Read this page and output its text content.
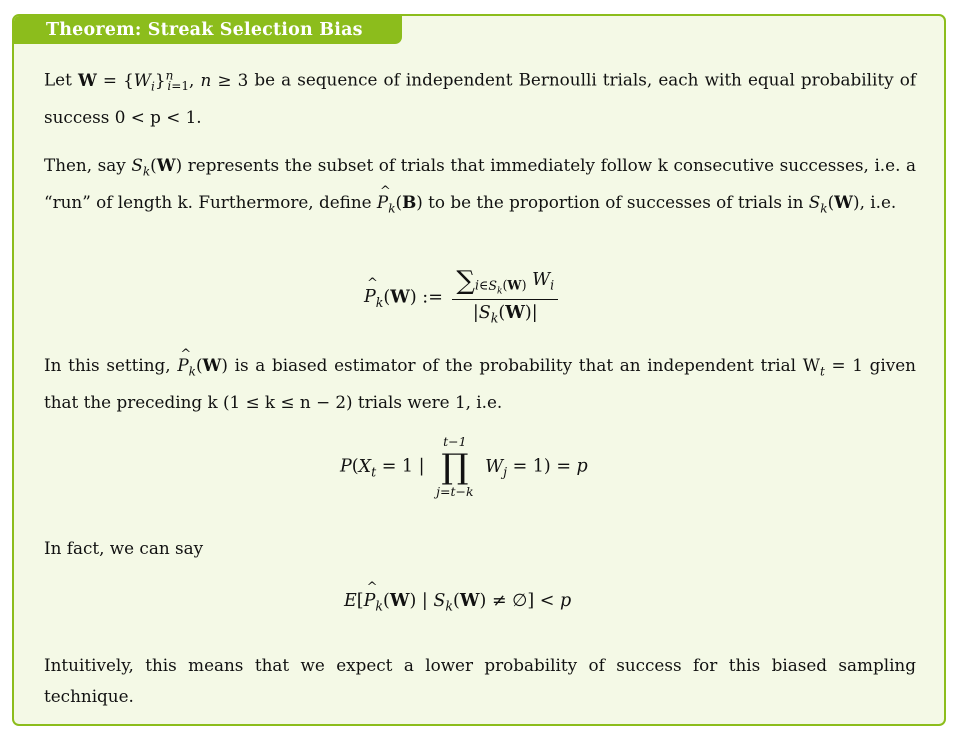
Theorem: Streak Selection Bias
Let $W = \{W_i\}^n_{i=1}$, n ≥ 3 be a sequence of independent Bernoulli trials, each with equal probability of success 0 < p < 1.
Then, say $S_k(W)$ represents the subset of trials that immediately follow k consecutive successes, i.e. a “run” of length k. Furthermore, define ^ $P_k(B)$ to be the proportion of successes of trials in $S_k(W)$, i.e.
^ $P_k(W)$ := $\frac{\sum_{i\in S_k(W)} W_i}{|S_k(W)|}$
In this setting, ^ $P_k(W)$ is a biased estimator of the probability that an independent trial $W_t = 1$ given that the preceding k (1 ≤ k ≤ n − 2) trials were 1, i.e.
$P(X_t = 1$ |
t−1
∏
j=t−k
$W_j = 1) = p$
In fact, we can say
E[^ $P_k(W)$ | $S_k(W)$ ≠ ∅] < p
Intuitively, this means that we expect a lower probability of success for this biased sampling technique.
